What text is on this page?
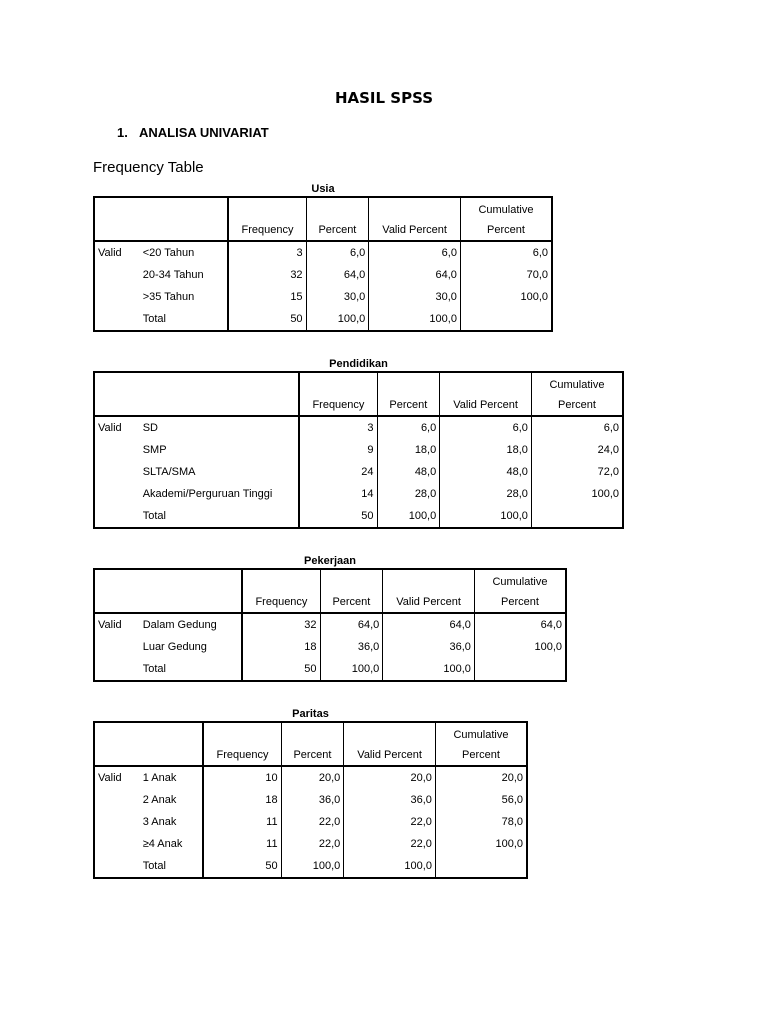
HASIL SPSS
1. ANALISA UNIVARIAT
Frequency Table
Usia
					Cumulative
		Frequency	Percent	Valid Percent	Percent
Valid	<20 Tahun	3	6,0	6,0	6,0
	20-34 Tahun	32	64,0	64,0	70,0
	>35 Tahun	15	30,0	30,0	100,0
	Total	50	100,0	100,0	
Pendidikan
					Cumulative
		Frequency	Percent	Valid Percent	Percent
Valid	SD	3	6,0	6,0	6,0
	SMP	9	18,0	18,0	24,0
	SLTA/SMA	24	48,0	48,0	72,0
	Akademi/Perguruan Tinggi	14	28,0	28,0	100,0
	Total	50	100,0	100,0	
Pekerjaan
					Cumulative
		Frequency	Percent	Valid Percent	Percent
Valid	Dalam Gedung	32	64,0	64,0	64,0
	Luar Gedung	18	36,0	36,0	100,0
	Total	50	100,0	100,0	
Paritas
					Cumulative
		Frequency	Percent	Valid Percent	Percent
Valid	1 Anak	10	20,0	20,0	20,0
	2 Anak	18	36,0	36,0	56,0
	3 Anak	11	22,0	22,0	78,0
	≥4 Anak	11	22,0	22,0	100,0
	Total	50	100,0	100,0	
